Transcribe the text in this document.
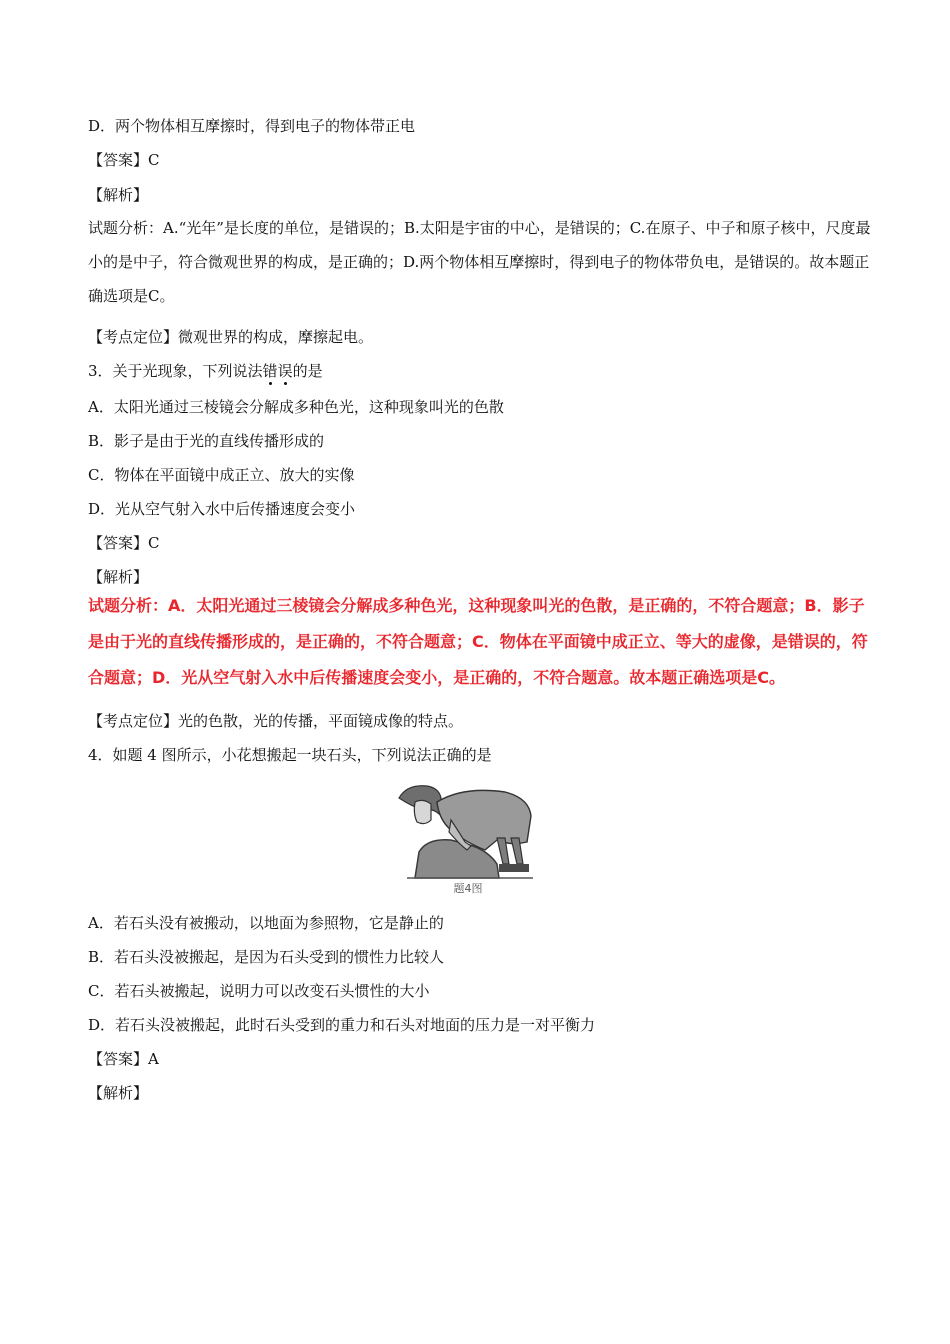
D．两个物体相互摩擦时，得到电子的物体带正电
【答案】C
【解析】
试题分析：A.“光年”是长度的单位，是错误的；B.太阳是宇宙的中心，是错误的；C.在原子、中子和原子核中，尺度最小的是中子，符合微观世界的构成，是正确的；D.两个物体相互摩擦时，得到电子的物体带负电，是错误的。故本题正确选项是C。
【考点定位】微观世界的构成，摩擦起电。
3．关于光现象，下列说法错误的是
A．太阳光通过三棱镜会分解成多种色光，这种现象叫光的色散
B．影子是由于光的直线传播形成的
C．物体在平面镜中成正立、放大的实像
D．光从空气射入水中后传播速度会变小
【答案】C
【解析】
试题分析：A．太阳光通过三棱镜会分解成多种色光，这种现象叫光的色散，是正确的，不符合题意；B．影子是由于光的直线传播形成的，是正确的，不符合题意；C．物体在平面镜中成正立、等大的虚像，是错误的，符合题意；D．光从空气射入水中后传播速度会变小，是正确的，不符合题意。故本题正确选项是C。
【考点定位】光的色散，光的传播，平面镜成像的特点。
4．如题 4 图所示，小花想搬起一块石头，下列说法正确的是
题4图
A．若石头没有被搬动，以地面为参照物，它是静止的
B．若石头没被搬起，是因为石头受到的惯性力比较人
C．若石头被搬起，说明力可以改变石头惯性的大小
D．若石头没被搬起，此时石头受到的重力和石头对地面的压力是一对平衡力
【答案】A
【解析】
